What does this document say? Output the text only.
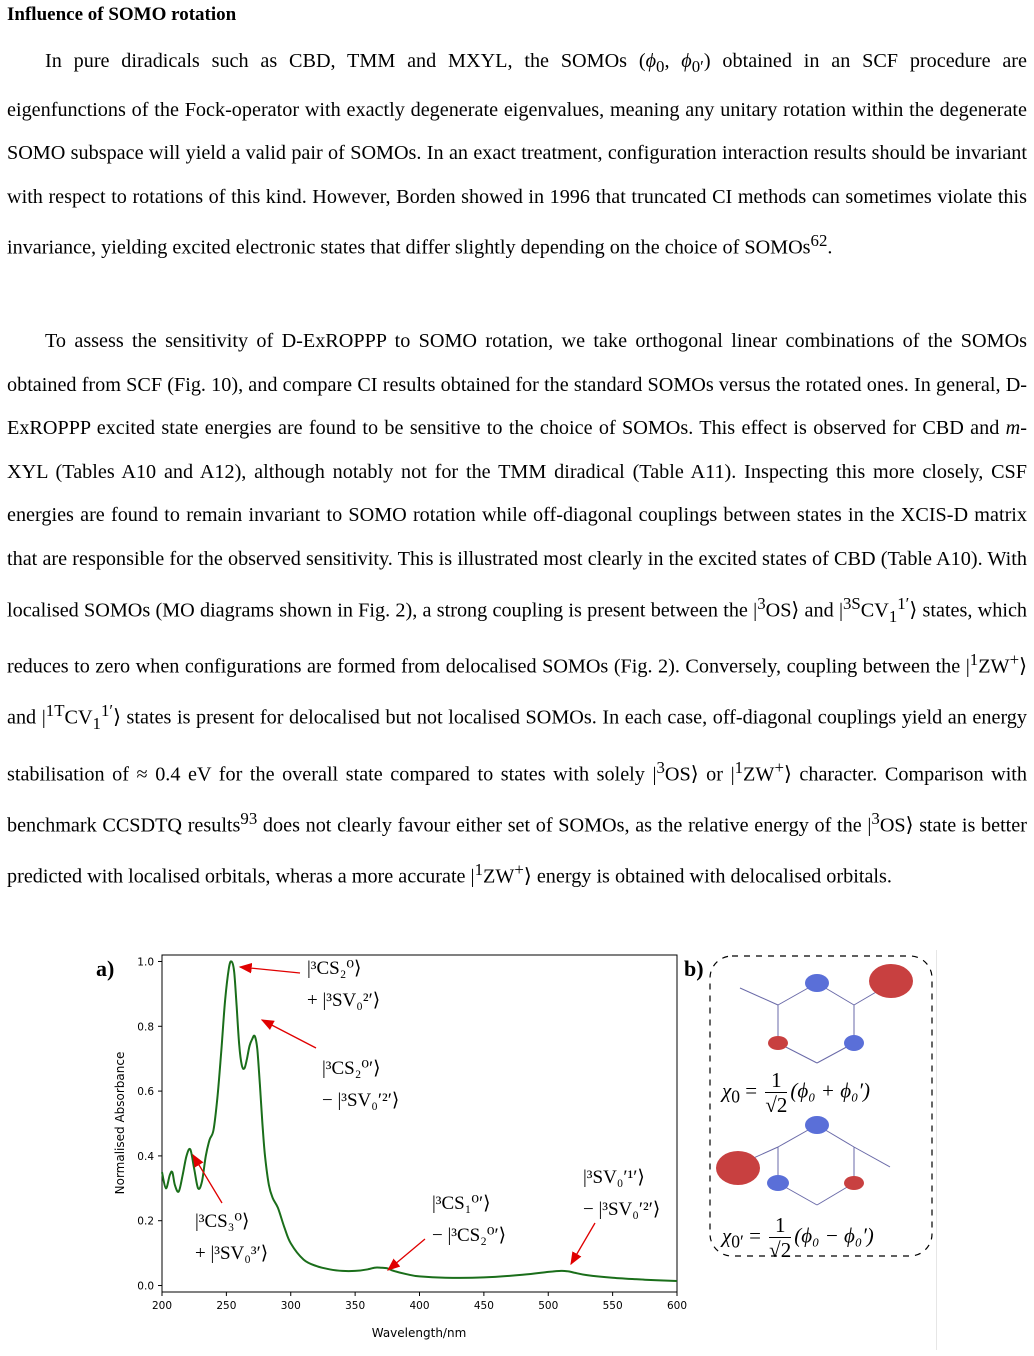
Influence of SOMO rotation

In pure diradicals such as CBD, TMM and MXYL, the SOMOs ($\phi_0$, $\phi_{0'}$) obtained in an SCF procedure are eigenfunctions of the Fock-operator with exactly degenerate eigenvalues, meaning any unitary rotation within the degenerate SOMO subspace will yield a valid pair of SOMOs. In an exact treatment, configuration interaction results should be invariant with respect to rotations of this kind. However, Borden showed in 1996 that truncated CI methods can sometimes violate this invariance, yielding excited electronic states that differ slightly depending on the choice of SOMOs$^{62}$.

To assess the sensitivity of D-ExROPPP to SOMO rotation, we take orthogonal linear combinations of the SOMOs obtained from SCF (Fig. 10), and compare CI results obtained for the standard SOMOs versus the rotated ones. In general, D-ExROPPP excited state energies are found to be sensitive to the choice of SOMOs. This effect is observed for CBD and m-XYL (Tables A10 and A12), although notably not for the TMM diradical (Table A11). Inspecting this more closely, CSF energies are found to remain invariant to SOMO rotation while off-diagonal couplings between states in the XCIS-D matrix that are responsible for the observed sensitivity. This is illustrated most clearly in the excited states of CBD (Table A10). With localised SOMOs (MO diagrams shown in Fig. 2), a strong coupling is present between the $|^3OS⟩$ and $|^{3S}CV_1^{1'}⟩$ states, which reduces to zero when configurations are formed from delocalised SOMOs (Fig. 2). Conversely, coupling between the $|^1ZW^+⟩$ and $|^{1T}CV_1^{1'}⟩$ states is present for delocalised but not localised SOMOs. In each case, off-diagonal couplings yield an energy stabilisation of ≈ 0.4 eV for the overall state compared to states with solely $|^3OS⟩$ or $|^1ZW^+⟩$ character. Comparison with benchmark CCSDTQ results$^{93}$ does not clearly favour either set of SOMOs, as the relative energy of the $|^3OS⟩$ state is better predicted with localised orbitals, wheras a more accurate $|^1ZW^+⟩$ energy is obtained with delocalised orbitals.

a)
200	250	300	350	400	450	500	550	600
0.0
0.2
0.4
0.6
0.8
1.0
Wavelength/nm
Normalised Absorbance
|³CS₂⁰⟩
+ |³SV₀²′⟩
|³CS₂⁰′⟩
− |³SV₀′²′⟩
|³CS₃⁰⟩
+ |³SV₀³′⟩
|³CS₁⁰′⟩
− |³CS₂⁰′⟩
|³SV₀′¹′⟩
− |³SV₀′²′⟩
b)
$\chi_0 = \frac{1}{√2} (\phi_0 + \phi_0')$
$\chi_{0'} = \frac{1}{√2} (\phi_0 - \phi_0')$
